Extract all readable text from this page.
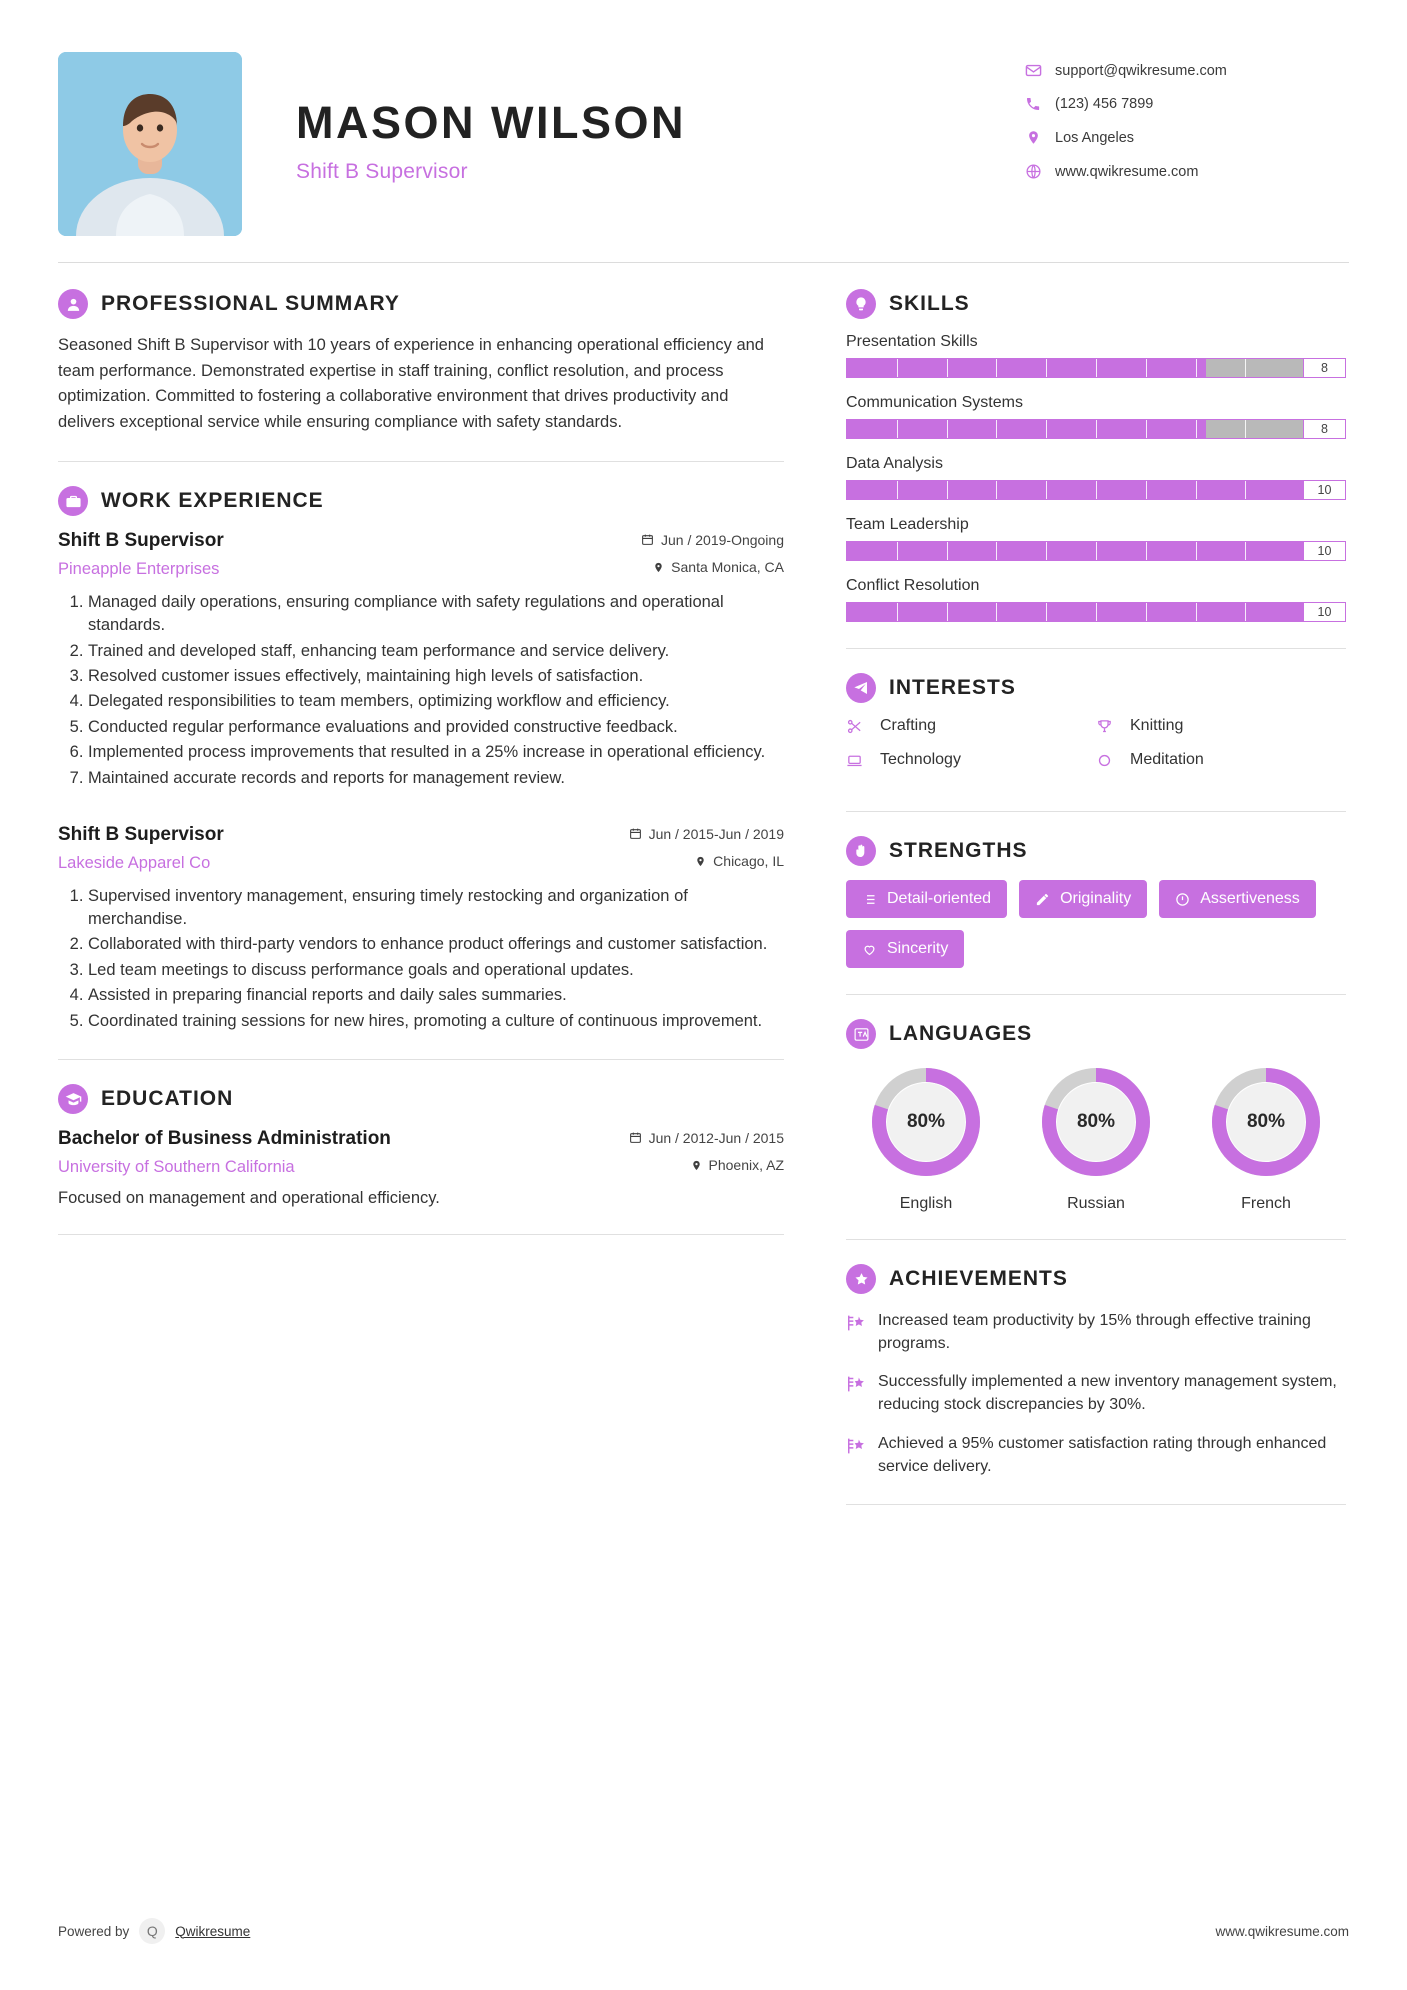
MASON WILSON
Shift B Supervisor
support@qwikresume.com
(123) 456 7899
Los Angeles
www.qwikresume.com
PROFESSIONAL SUMMARY
Seasoned Shift B Supervisor with 10 years of experience in enhancing operational efficiency and team performance. Demonstrated expertise in staff training, conflict resolution, and process optimization. Committed to fostering a collaborative environment that drives productivity and delivers exceptional service while ensuring compliance with safety standards.
WORK EXPERIENCE
Shift B Supervisor	Jun / 2019-Ongoing
Pineapple Enterprises	Santa Monica, CA
1. Managed daily operations, ensuring compliance with safety regulations and operational standards.
2. Trained and developed staff, enhancing team performance and service delivery.
3. Resolved customer issues effectively, maintaining high levels of satisfaction.
4. Delegated responsibilities to team members, optimizing workflow and efficiency.
5. Conducted regular performance evaluations and provided constructive feedback.
6. Implemented process improvements that resulted in a 25% increase in operational efficiency.
7. Maintained accurate records and reports for management review.
Shift B Supervisor	Jun / 2015-Jun / 2019
Lakeside Apparel Co	Chicago, IL
1. Supervised inventory management, ensuring timely restocking and organization of merchandise.
2. Collaborated with third-party vendors to enhance product offerings and customer satisfaction.
3. Led team meetings to discuss performance goals and operational updates.
4. Assisted in preparing financial reports and daily sales summaries.
5. Coordinated training sessions for new hires, promoting a culture of continuous improvement.
EDUCATION
Bachelor of Business Administration	Jun / 2012-Jun / 2015
University of Southern California	Phoenix, AZ
Focused on management and operational efficiency.
SKILLS
Presentation Skills
8
Communication Systems
8
Data Analysis
10
Team Leadership
10
Conflict Resolution
10
INTERESTS
Crafting	Knitting
Technology	Meditation
STRENGTHS
Detail-oriented	Originality	Assertiveness
Sincerity
LANGUAGES
80%
English
80%
Russian
80%
French
ACHIEVEMENTS
Increased team productivity by 15% through effective training programs.
Successfully implemented a new inventory management system, reducing stock discrepancies by 30%.
Achieved a 95% customer satisfaction rating through enhanced service delivery.
Powered by	Q	Qwikresume	www.qwikresume.com
